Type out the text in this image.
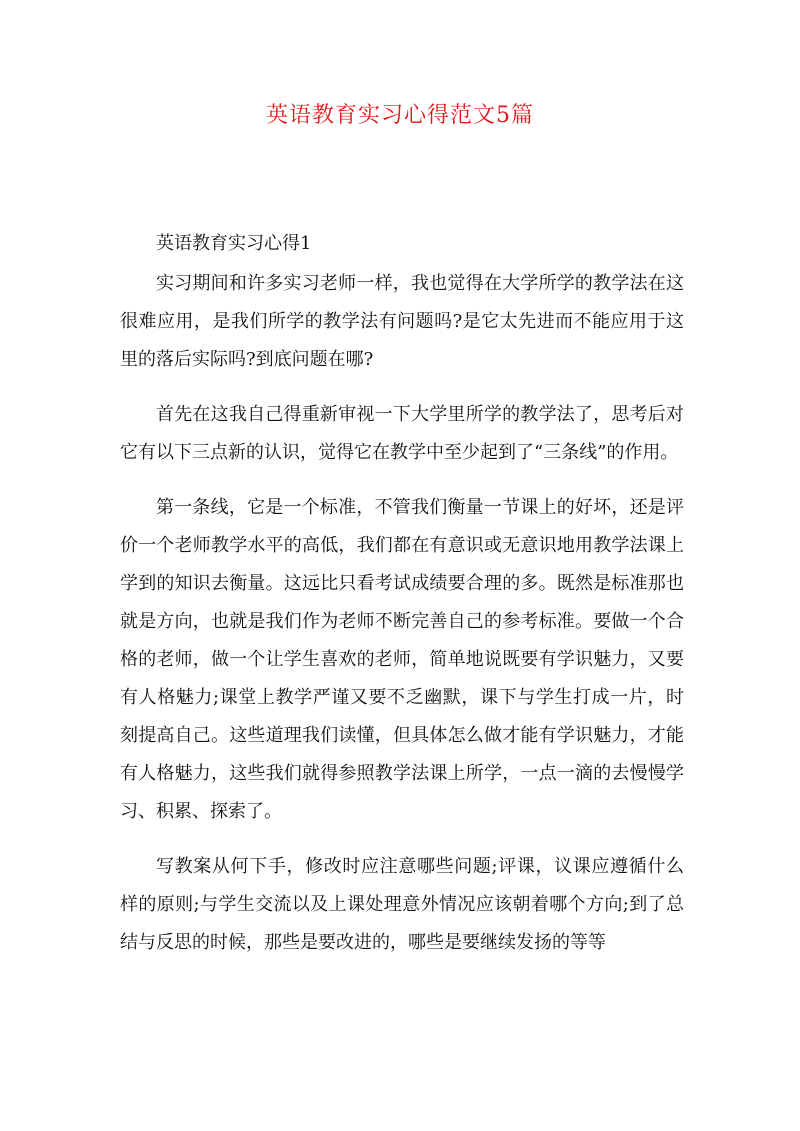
英语教育实习心得范文5篇
英语教育实习心得1

实习期间和许多实习老师一样，我也觉得在大学所学的教学法在这很难应用，是我们所学的教学法有问题吗?是它太先进而不能应用于这里的落后实际吗?到底问题在哪?

首先在这我自己得重新审视一下大学里所学的教学法了，思考后对它有以下三点新的认识，觉得它在教学中至少起到了“三条线”的作用。

第一条线，它是一个标准，不管我们衡量一节课上的好坏，还是评价一个老师教学水平的高低，我们都在有意识或无意识地用教学法课上学到的知识去衡量。这远比只看考试成绩要合理的多。既然是标准那也就是方向，也就是我们作为老师不断完善自己的参考标准。要做一个合格的老师，做一个让学生喜欢的老师，简单地说既要有学识魅力，又要有人格魅力;课堂上教学严谨又要不乏幽默，课下与学生打成一片，时刻提高自己。这些道理我们读懂，但具体怎么做才能有学识魅力，才能有人格魅力，这些我们就得参照教学法课上所学，一点一滴的去慢慢学习、积累、探索了。

写教案从何下手，修改时应注意哪些问题;评课，议课应遵循什么样的原则;与学生交流以及上课处理意外情况应该朝着哪个方向;到了总结与反思的时候，那些是要改进的，哪些是要继续发扬的等等
